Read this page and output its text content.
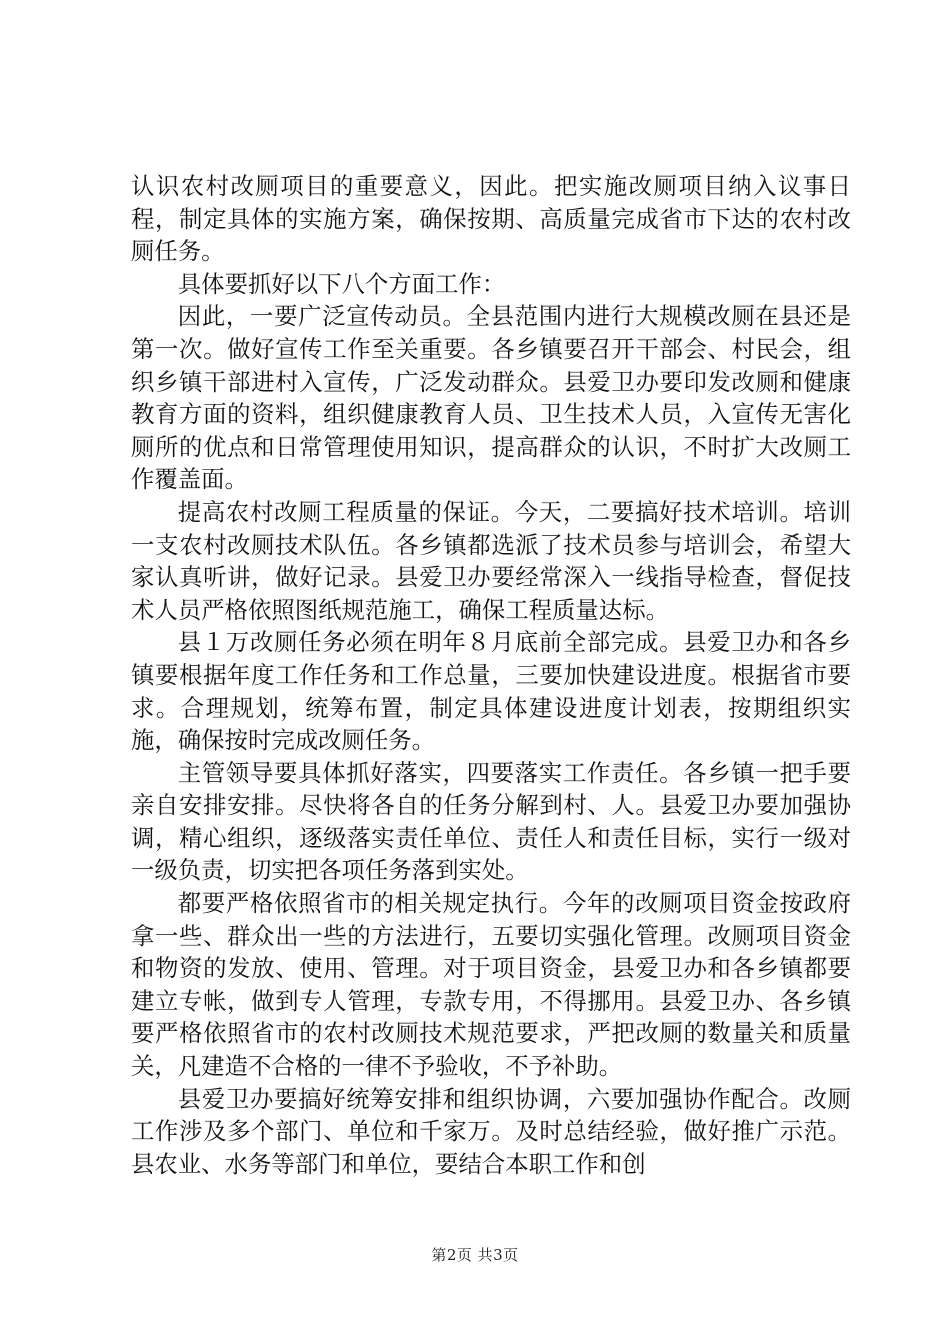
认识农村改厕项目的重要意义，因此。把实施改厕项目纳入议事日程，制定具体的实施方案，确保按期、高质量完成省市下达的农村改厕任务。

具体要抓好以下八个方面工作：

因此，一要广泛宣传动员。全县范围内进行大规模改厕在县还是第一次。做好宣传工作至关重要。各乡镇要召开干部会、村民会，组织乡镇干部进村入宣传，广泛发动群众。县爱卫办要印发改厕和健康教育方面的资料，组织健康教育人员、卫生技术人员，入宣传无害化厕所的优点和日常管理使用知识，提高群众的认识，不时扩大改厕工作覆盖面。

提高农村改厕工程质量的保证。今天，二要搞好技术培训。培训一支农村改厕技术队伍。各乡镇都选派了技术员参与培训会，希望大家认真听讲，做好记录。县爱卫办要经常深入一线指导检查，督促技术人员严格依照图纸规范施工，确保工程质量达标。

县１万改厕任务必须在明年８月底前全部完成。县爱卫办和各乡镇要根据年度工作任务和工作总量，三要加快建设进度。根据省市要求。合理规划，统筹布置，制定具体建设进度计划表，按期组织实施，确保按时完成改厕任务。

主管领导要具体抓好落实，四要落实工作责任。各乡镇一把手要亲自安排安排。尽快将各自的任务分解到村、人。县爱卫办要加强协调，精心组织，逐级落实责任单位、责任人和责任目标，实行一级对一级负责，切实把各项任务落到实处。

都要严格依照省市的相关规定执行。今年的改厕项目资金按政府拿一些、群众出一些的方法进行，五要切实强化管理。改厕项目资金和物资的发放、使用、管理。对于项目资金，县爱卫办和各乡镇都要建立专帐，做到专人管理，专款专用，不得挪用。县爱卫办、各乡镇要严格依照省市的农村改厕技术规范要求，严把改厕的数量关和质量关，凡建造不合格的一律不予验收，不予补助。

县爱卫办要搞好统筹安排和组织协调，六要加强协作配合。改厕工作涉及多个部门、单位和千家万。及时总结经验，做好推广示范。县农业、水务等部门和单位，要结合本职工作和创

第2页 共3页
